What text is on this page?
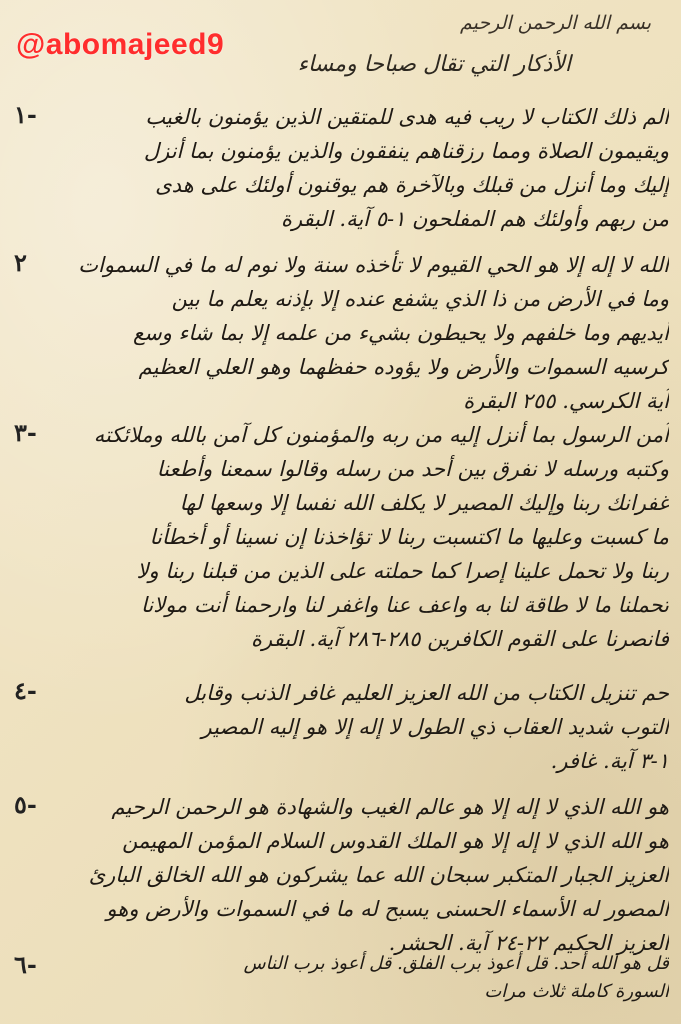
@abomajeed9
بسم الله الرحمن الرحيم
الأذكار التي تقال صباحا ومساء
١-	الم ذلك الكتاب لا ريب فيه هدى للمتقين الذين يؤمنون بالغيب
ويقيمون الصلاة ومما رزقناهم ينفقون والذين يؤمنون بما أنزل
إليك وما أنزل من قبلك وبالآخرة هم يوقنون أولئك على هدى
من ربهم وأولئك هم المفلحون ١-٥ آية. البقرة
٢	الله لا إله إلا هو الحي القيوم لا تأخذه سنة ولا نوم له ما في السموات
وما في الأرض من ذا الذي يشفع عنده إلا بإذنه يعلم ما بين
أيديهم وما خلفهم ولا يحيطون بشيء من علمه إلا بما شاء وسع
كرسيه السموات والأرض ولا يؤوده حفظهما وهو العلي العظيم
آية الكرسي. ٢٥٥ البقرة
٣-	آمن الرسول بما أنزل إليه من ربه والمؤمنون كل آمن بالله وملائكته
وكتبه ورسله لا نفرق بين أحد من رسله وقالوا سمعنا وأطعنا
غفرانك ربنا وإليك المصير لا يكلف الله نفسا إلا وسعها لها
ما كسبت وعليها ما اكتسبت ربنا لا تؤاخذنا إن نسينا أو أخطأنا
ربنا ولا تحمل علينا إصرا كما حملته على الذين من قبلنا ربنا ولا
تحملنا ما لا طاقة لنا به واعف عنا واغفر لنا وارحمنا أنت مولانا
فانصرنا على القوم الكافرين ٢٨٥-٢٨٦ آية. البقرة
٤-	حم تنزيل الكتاب من الله العزيز العليم غافر الذنب وقابل
التوب شديد العقاب ذي الطول لا إله إلا هو إليه المصير
١-٣ آية. غافر.
٥-	هو الله الذي لا إله إلا هو عالم الغيب والشهادة هو الرحمن الرحيم
هو الله الذي لا إله إلا هو الملك القدوس السلام المؤمن المهيمن
العزيز الجبار المتكبر سبحان الله عما يشركون هو الله الخالق البارئ
المصور له الأسماء الحسنى يسبح له ما في السموات والأرض وهو
العزيز الحكيم ٢٢-٢٤ آية. الحشر.
٦-	قل هو الله أحد. قل أعوذ برب الفلق. قل أعوذ برب الناس
السورة كاملة ثلاث مرات
